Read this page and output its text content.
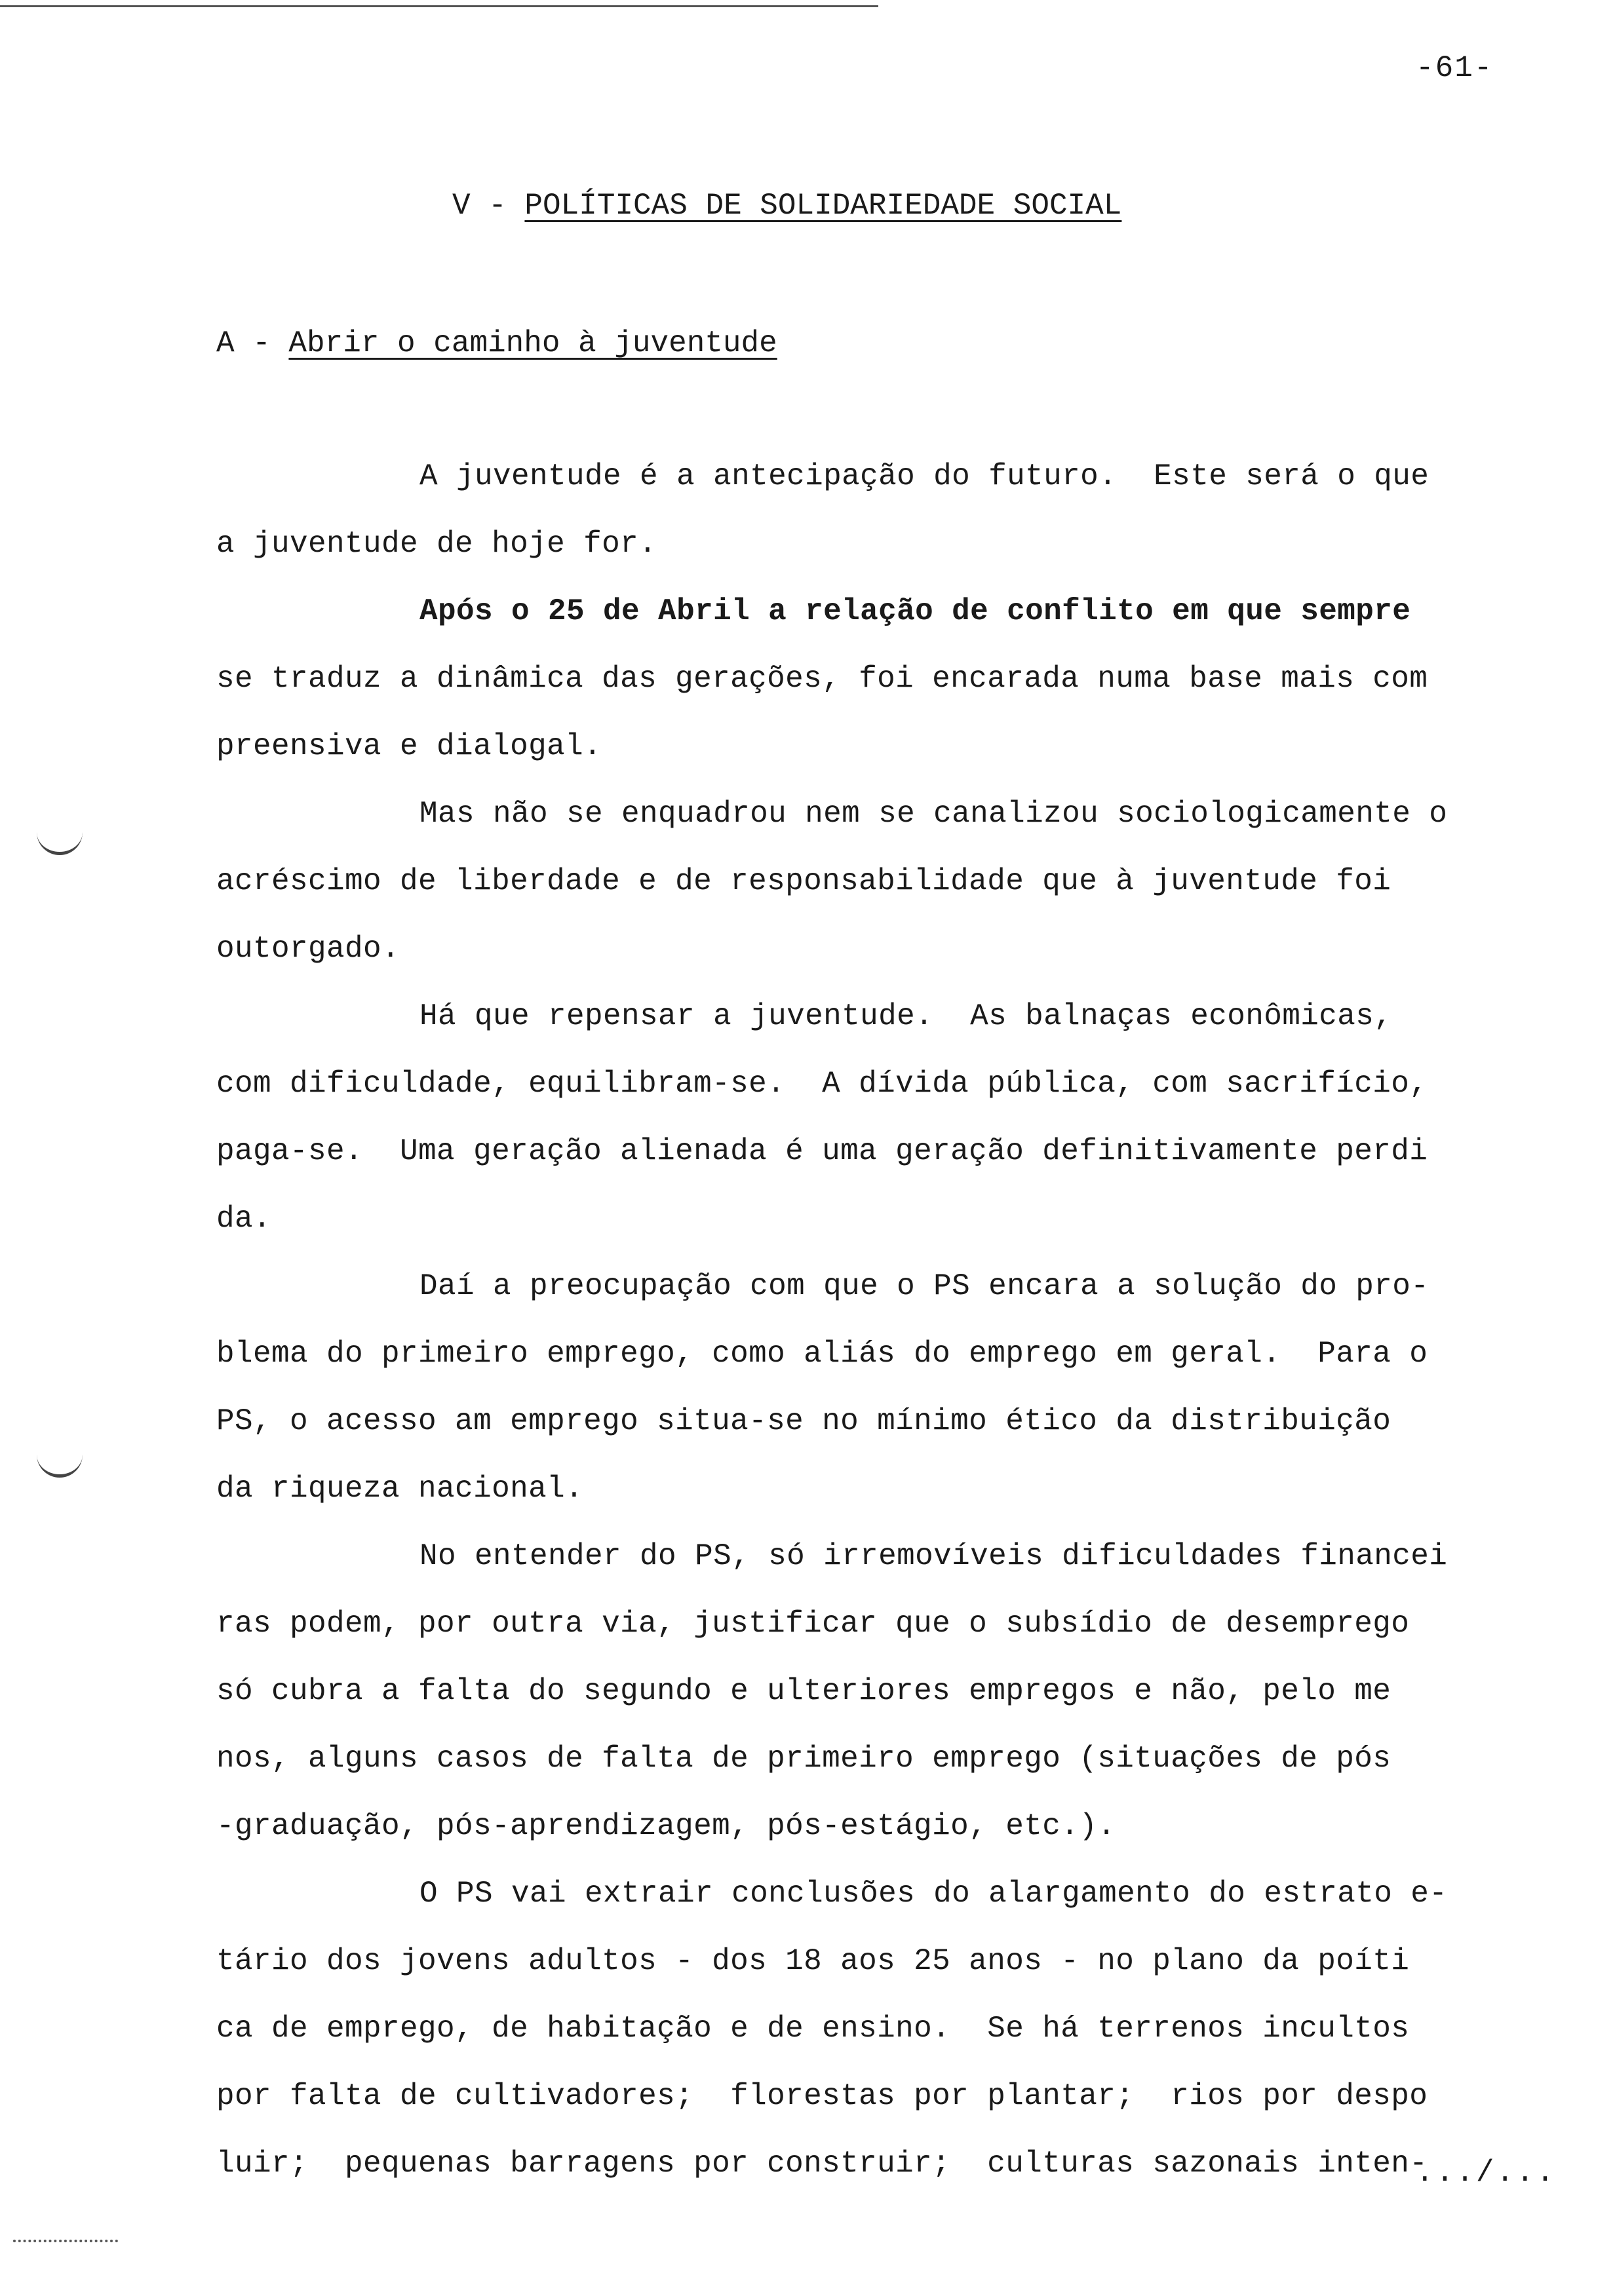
-61-
V - POLÍTICAS DE SOLIDARIEDADE SOCIAL
A - Abrir o caminho à juventude
A juventude é a antecipação do futuro.  Este será o que
a juventude de hoje for.
Após o 25 de Abril a relação de conflito em que sempre
se traduz a dinâmica das gerações, foi encarada numa base mais com
preensiva e dialogal.
Mas não se enquadrou nem se canalizou sociologicamente o
acréscimo de liberdade e de responsabilidade que à juventude foi
outorgado.
Há que repensar a juventude.  As balnaças econômicas,
com dificuldade, equilibram-se.  A dívida pública, com sacrifício,
paga-se.  Uma geração alienada é uma geração definitivamente perdi
da.
Daí a preocupação com que o PS encara a solução do pro-
blema do primeiro emprego, como aliás do emprego em geral.  Para o
PS, o acesso am emprego situa-se no mínimo ético da distribuição
da riqueza nacional.
No entender do PS, só irremovíveis dificuldades financei
ras podem, por outra via, justificar que o subsídio de desemprego
só cubra a falta do segundo e ulteriores empregos e não, pelo me
nos, alguns casos de falta de primeiro emprego (situações de pós
-graduação, pós-aprendizagem, pós-estágio, etc.).
O PS vai extrair conclusões do alargamento do estrato e-
tário dos jovens adultos - dos 18 aos 25 anos - no plano da poíti
ca de emprego, de habitação e de ensino.  Se há terrenos incultos
por falta de cultivadores;  florestas por plantar;  rios por despo
luir;  pequenas barragens por construir;  culturas sazonais inten-
.../...
